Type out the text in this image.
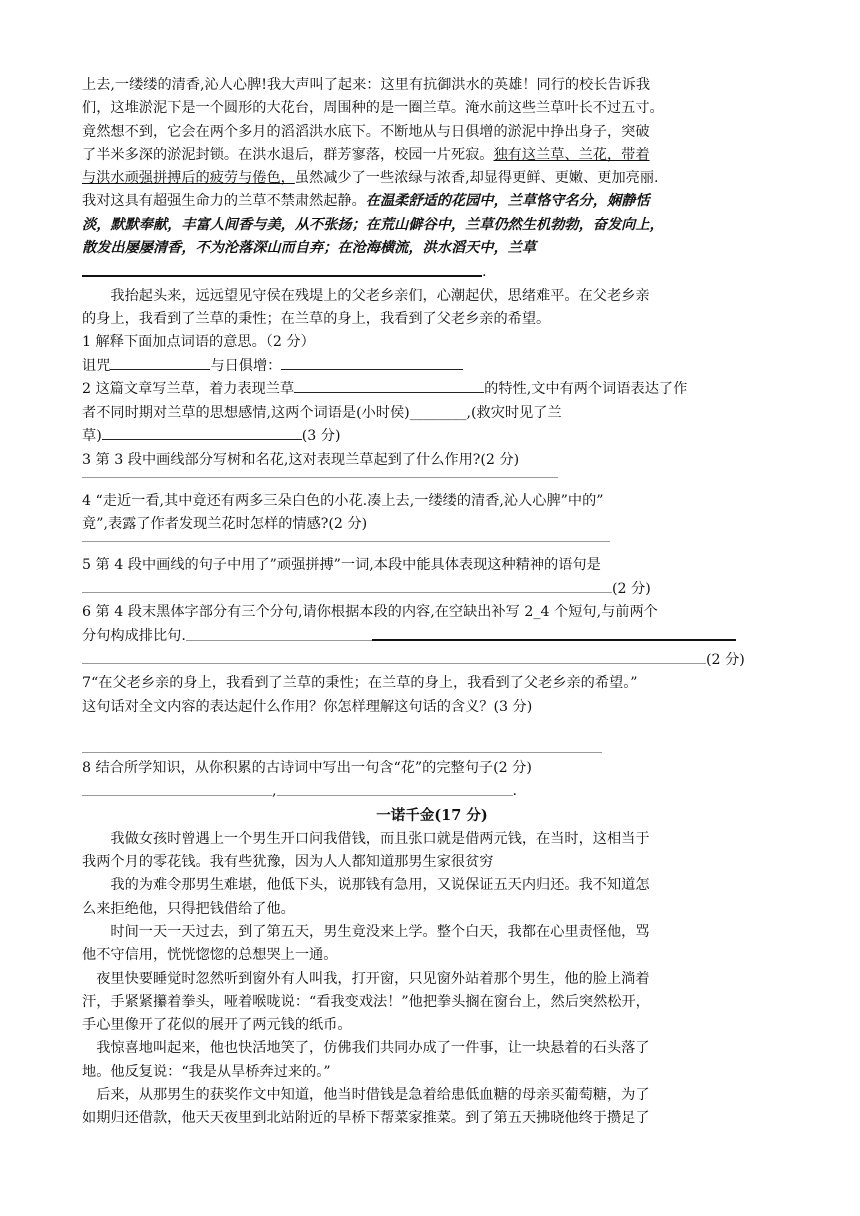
上去,一缕缕的清香,沁人心脾!我大声叫了起来：这里有抗御洪水的英雄！同行的校长告诉我

们，这堆淤泥下是一个圆形的大花台，周围种的是一圈兰草。淹水前这些兰草叶长不过五寸。

竟然想不到，它会在两个多月的滔滔洪水底下。不断地从与日俱增的淤泥中挣出身子，突破

了半米多深的淤泥封锁。在洪水退后，群芳寥落，校园一片死寂。独有这兰草、兰花，带着

与洪水顽强拼搏后的疲劳与倦色，虽然减少了一些浓绿与浓香,却显得更鲜、更嫩、更加亮丽.

我对这具有超强生命力的兰草不禁肃然起静。在温柔舒适的花园中，兰草恪守名分，娴静恬

淡，默默奉献，丰富人间香与美，从不张扬；在荒山僻谷中，兰草仍然生机勃勃，奋发向上，

散发出屡屡清香，不为沦落深山而自弃；在沧海横流，洪水滔天中，兰草

.

我抬起头来，远远望见守侯在残堤上的父老乡亲们，心潮起伏，思绪难平。在父老乡亲

的身上，我看到了兰草的秉性；在兰草的身上，我看到了父老乡亲的希望。

1 解释下面加点词语的意思。（2 分）

诅咒	与日俱增：

2 这篇文章写兰草，着力表现兰草	的特性,文中有两个词语表达了作

者不同时期对兰草的思想感情,这两个词语是(小时侯)________,(救灾时见了兰

草)	(3 分)

3 第 3 段中画线部分写树和名花,这对表现兰草起到了什么作用?(2 分)

4 “走近一看,其中竟还有两多三朵白色的小花.凑上去,一缕缕的清香,沁人心脾”中的”

竟”,表露了作者发现兰花时怎样的情感?(2 分)

5 第 4 段中画线的句子中用了”顽强拼搏”一词,本段中能具体表现这种精神的语句是

(2 分)

6 第 4 段末黑体字部分有三个分句,请你根据本段的内容,在空缺出补写 2_4 个短句,与前两个

分句构成排比句.

(2 分)

7“在父老乡亲的身上，我看到了兰草的秉性；在兰草的身上，我看到了父老乡亲的希望。”

这句话对全文内容的表达起什么作用？你怎样理解这句话的含义？(3 分)

8 结合所学知识，从你积累的古诗词中写出一句含“花”的完整句子(2 分)

,	.

一诺千金(17 分)

我做女孩时曾遇上一个男生开口问我借钱，而且张口就是借两元钱，在当时，这相当于

我两个月的零花钱。我有些犹豫，因为人人都知道那男生家很贫穷

我的为难令那男生难堪，他低下头，说那钱有急用，又说保证五天内归还。我不知道怎

么来拒绝他，只得把钱借给了他。

时间一天一天过去，到了第五天，男生竟没来上学。整个白天，我都在心里责怪他，骂

他不守信用，恍恍惚惚的总想哭上一通。

夜里快要睡觉时忽然听到窗外有人叫我，打开窗，只见窗外站着那个男生，他的脸上淌着

汗，手紧紧攥着拳头，哑着喉咙说：“看我变戏法！”他把拳头搁在窗台上，然后突然松开，

手心里像开了花似的展开了两元钱的纸币。

我惊喜地叫起来，他也快活地笑了，仿佛我们共同办成了一件事，让一块悬着的石头落了

地。他反复说：“我是从旱桥奔过来的。”

后来，从那男生的获奖作文中知道，他当时借钱是急着给患低血糖的母亲买葡萄糖，为了

如期归还借款，他天天夜里到北站附近的旱桥下帮菜家推菜。到了第五天拂晓他终于攒足了
